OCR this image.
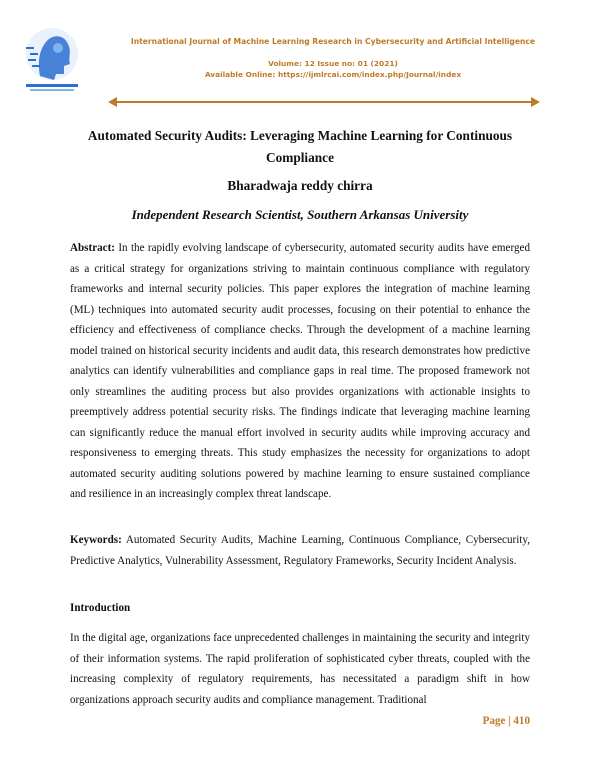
International Journal of Machine Learning Research in Cybersecurity and Artificial Intelligence
Volume: 12 Issue no: 01 (2021)
Available Online: https://ijmlrcai.com/index.php/Journal/index
Automated Security Audits: Leveraging Machine Learning for Continuous Compliance
Bharadwaja reddy chirra
Independent Research Scientist, Southern Arkansas University
Abstract: In the rapidly evolving landscape of cybersecurity, automated security audits have emerged as a critical strategy for organizations striving to maintain continuous compliance with regulatory frameworks and internal security policies. This paper explores the integration of machine learning (ML) techniques into automated security audit processes, focusing on their potential to enhance the efficiency and effectiveness of compliance checks. Through the development of a machine learning model trained on historical security incidents and audit data, this research demonstrates how predictive analytics can identify vulnerabilities and compliance gaps in real time. The proposed framework not only streamlines the auditing process but also provides organizations with actionable insights to preemptively address potential security risks. The findings indicate that leveraging machine learning can significantly reduce the manual effort involved in security audits while improving accuracy and responsiveness to emerging threats. This study emphasizes the necessity for organizations to adopt automated security auditing solutions powered by machine learning to ensure sustained compliance and resilience in an increasingly complex threat landscape.
Keywords: Automated Security Audits, Machine Learning, Continuous Compliance, Cybersecurity, Predictive Analytics, Vulnerability Assessment, Regulatory Frameworks, Security Incident Analysis.
Introduction
In the digital age, organizations face unprecedented challenges in maintaining the security and integrity of their information systems. The rapid proliferation of sophisticated cyber threats, coupled with the increasing complexity of regulatory requirements, has necessitated a paradigm shift in how organizations approach security audits and compliance management. Traditional
Page | 410
